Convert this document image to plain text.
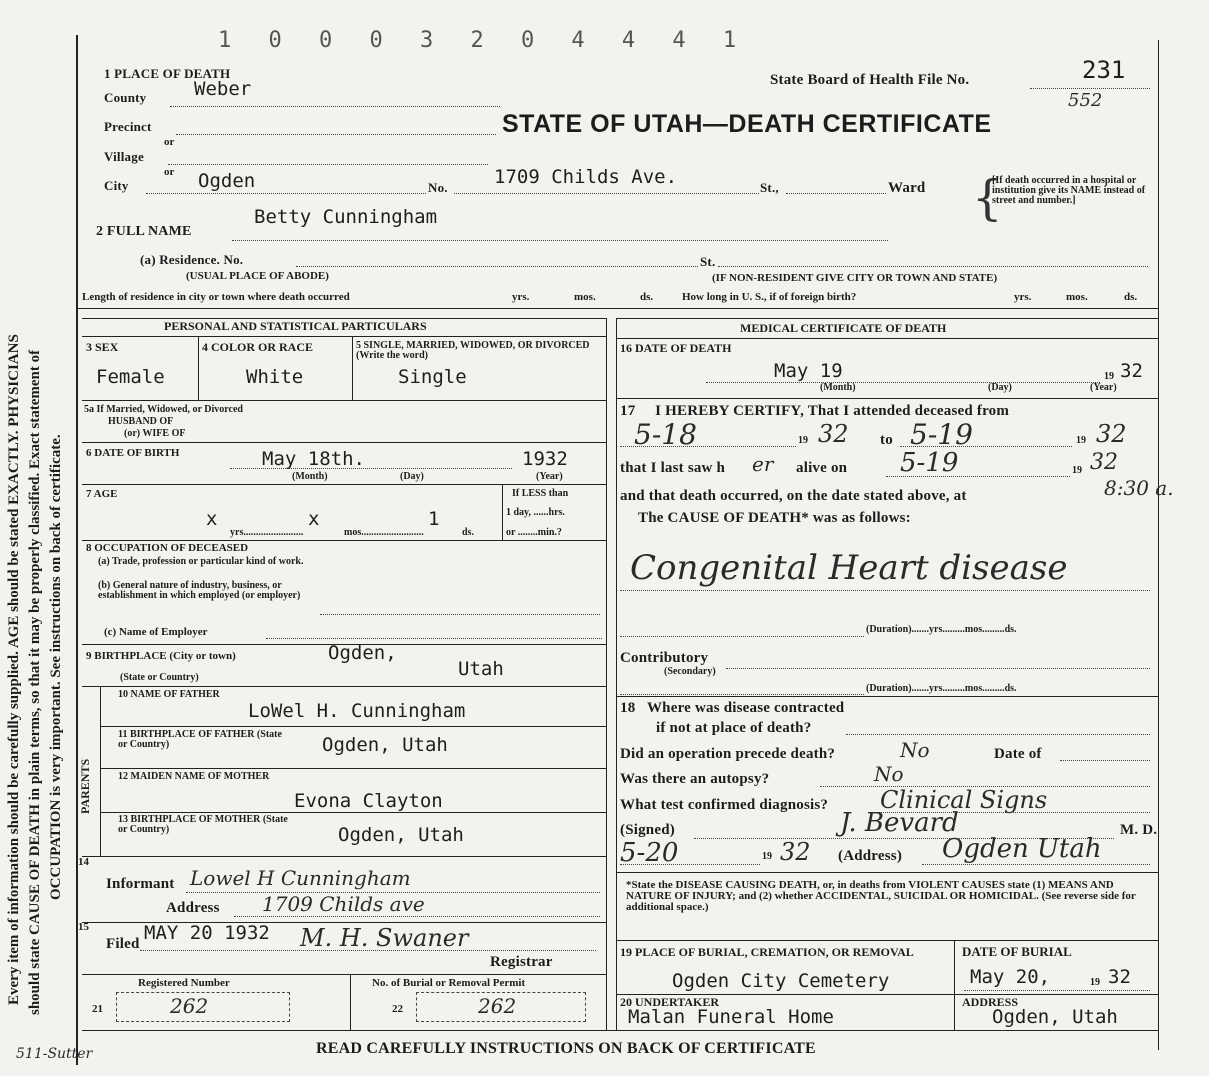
Every item of information should be carefully supplied. AGE should be stated EXACTLY. PHYSICIANS should state CAUSE OF DEATH in plain terms, so that it may be properly classified. Exact statement of OCCUPATION is very important. See instructions on back of certificate.
1 0 0 0 3 2 0 4 4 4 1
1 PLACE OF DEATH	State Board of Health File No.	231
552
STATE OF UTAH—DEATH CERTIFICATE
County	Weber
Precinct
or
Village
or
City	Ogden	No. 1709 Childs Ave.	St.,	Ward {
[If death occurred in a hospital or institution give its NAME instead of street and number.]
2 FULL NAME
Betty Cunningham
(a) Residence. No.	St.
(USUAL PLACE OF ABODE)	(IF NON-RESIDENT GIVE CITY OR TOWN AND STATE)
Length of residence in city or town where death occurred	yrs.	mos.	ds.	How long in U. S., if of foreign birth?	yrs.	mos.	ds.
PERSONAL AND STATISTICAL PARTICULARS
3 SEX
Female
4 COLOR OR RACE
White
5 SINGLE, MARRIED, WIDOWED, OR DIVORCED (Write the word)
Single
5a If Married, Widowed, or Divorced
HUSBAND OF
(or) WIFE OF
6 DATE OF BIRTH	May 18th.	1932
(Month)	(Day)	(Year)
7 AGE
x
yrs........................
x
mos.........................
1
ds.
If LESS than
1 day, ......hrs.
or ........min.?
8 OCCUPATION OF DECEASED
(a) Trade, profession or particular kind of work.
(b) General nature of industry, business, or establishment in which employed (or employer)
(c) Name of Employer
9 BIRTHPLACE (City or town)	Ogden,
(State or Country)	Utah
PARENTS
10 NAME OF FATHER
LoWel H. Cunningham
11 BIRTHPLACE OF FATHER (State or Country)	Ogden, Utah
12 MAIDEN NAME OF MOTHER
Evona Clayton
13 BIRTHPLACE OF MOTHER (State or Country)	Ogden, Utah
14
Informant Lowel H Cunningham
Address 1709 Childs ave
15
Filed MAY 20 1932 M. H. Swaner
Registrar
Registered Number
21	262
No. of Burial or Removal Permit
22	262
MEDICAL CERTIFICATE OF DEATH
16 DATE OF DEATH
May 19	19 32
(Month)	(Day)	(Year)
17     I HEREBY CERTIFY, That I attended deceased from
5-18	19 32 to 5-19	19 32
that I last saw h er alive on 5-19	19 32
and that death occurred, on the date stated above, at	8:30 a.
The CAUSE OF DEATH* was as follows:
Congenital Heart disease
(Duration).......yrs.........mos.........ds.
Contributory
(Secondary)
(Duration).......yrs.........mos.........ds.
18   Where was disease contracted
if not at place of death?
Did an operation precede death?	No	Date of
Was there an autopsy?	No
What test confirmed diagnosis? Clinical Signs
(Signed)	J. Bevard	M. D.
5-20	19 32 (Address) Ogden Utah
*State the DISEASE CAUSING DEATH, or, in deaths from VIOLENT CAUSES state (1) MEANS AND NATURE OF INJURY; and (2) whether ACCIDENTAL, SUICIDAL OR HOMICIDAL. (See reverse side for additional space.)
19 PLACE OF BURIAL, CREMATION, OR REMOVAL
Ogden City Cemetery
DATE OF BURIAL
May 20,	19 32
20 UNDERTAKER
Malan Funeral Home
ADDRESS
Ogden, Utah
READ CAREFULLY INSTRUCTIONS ON BACK OF CERTIFICATE
511-Sutter
